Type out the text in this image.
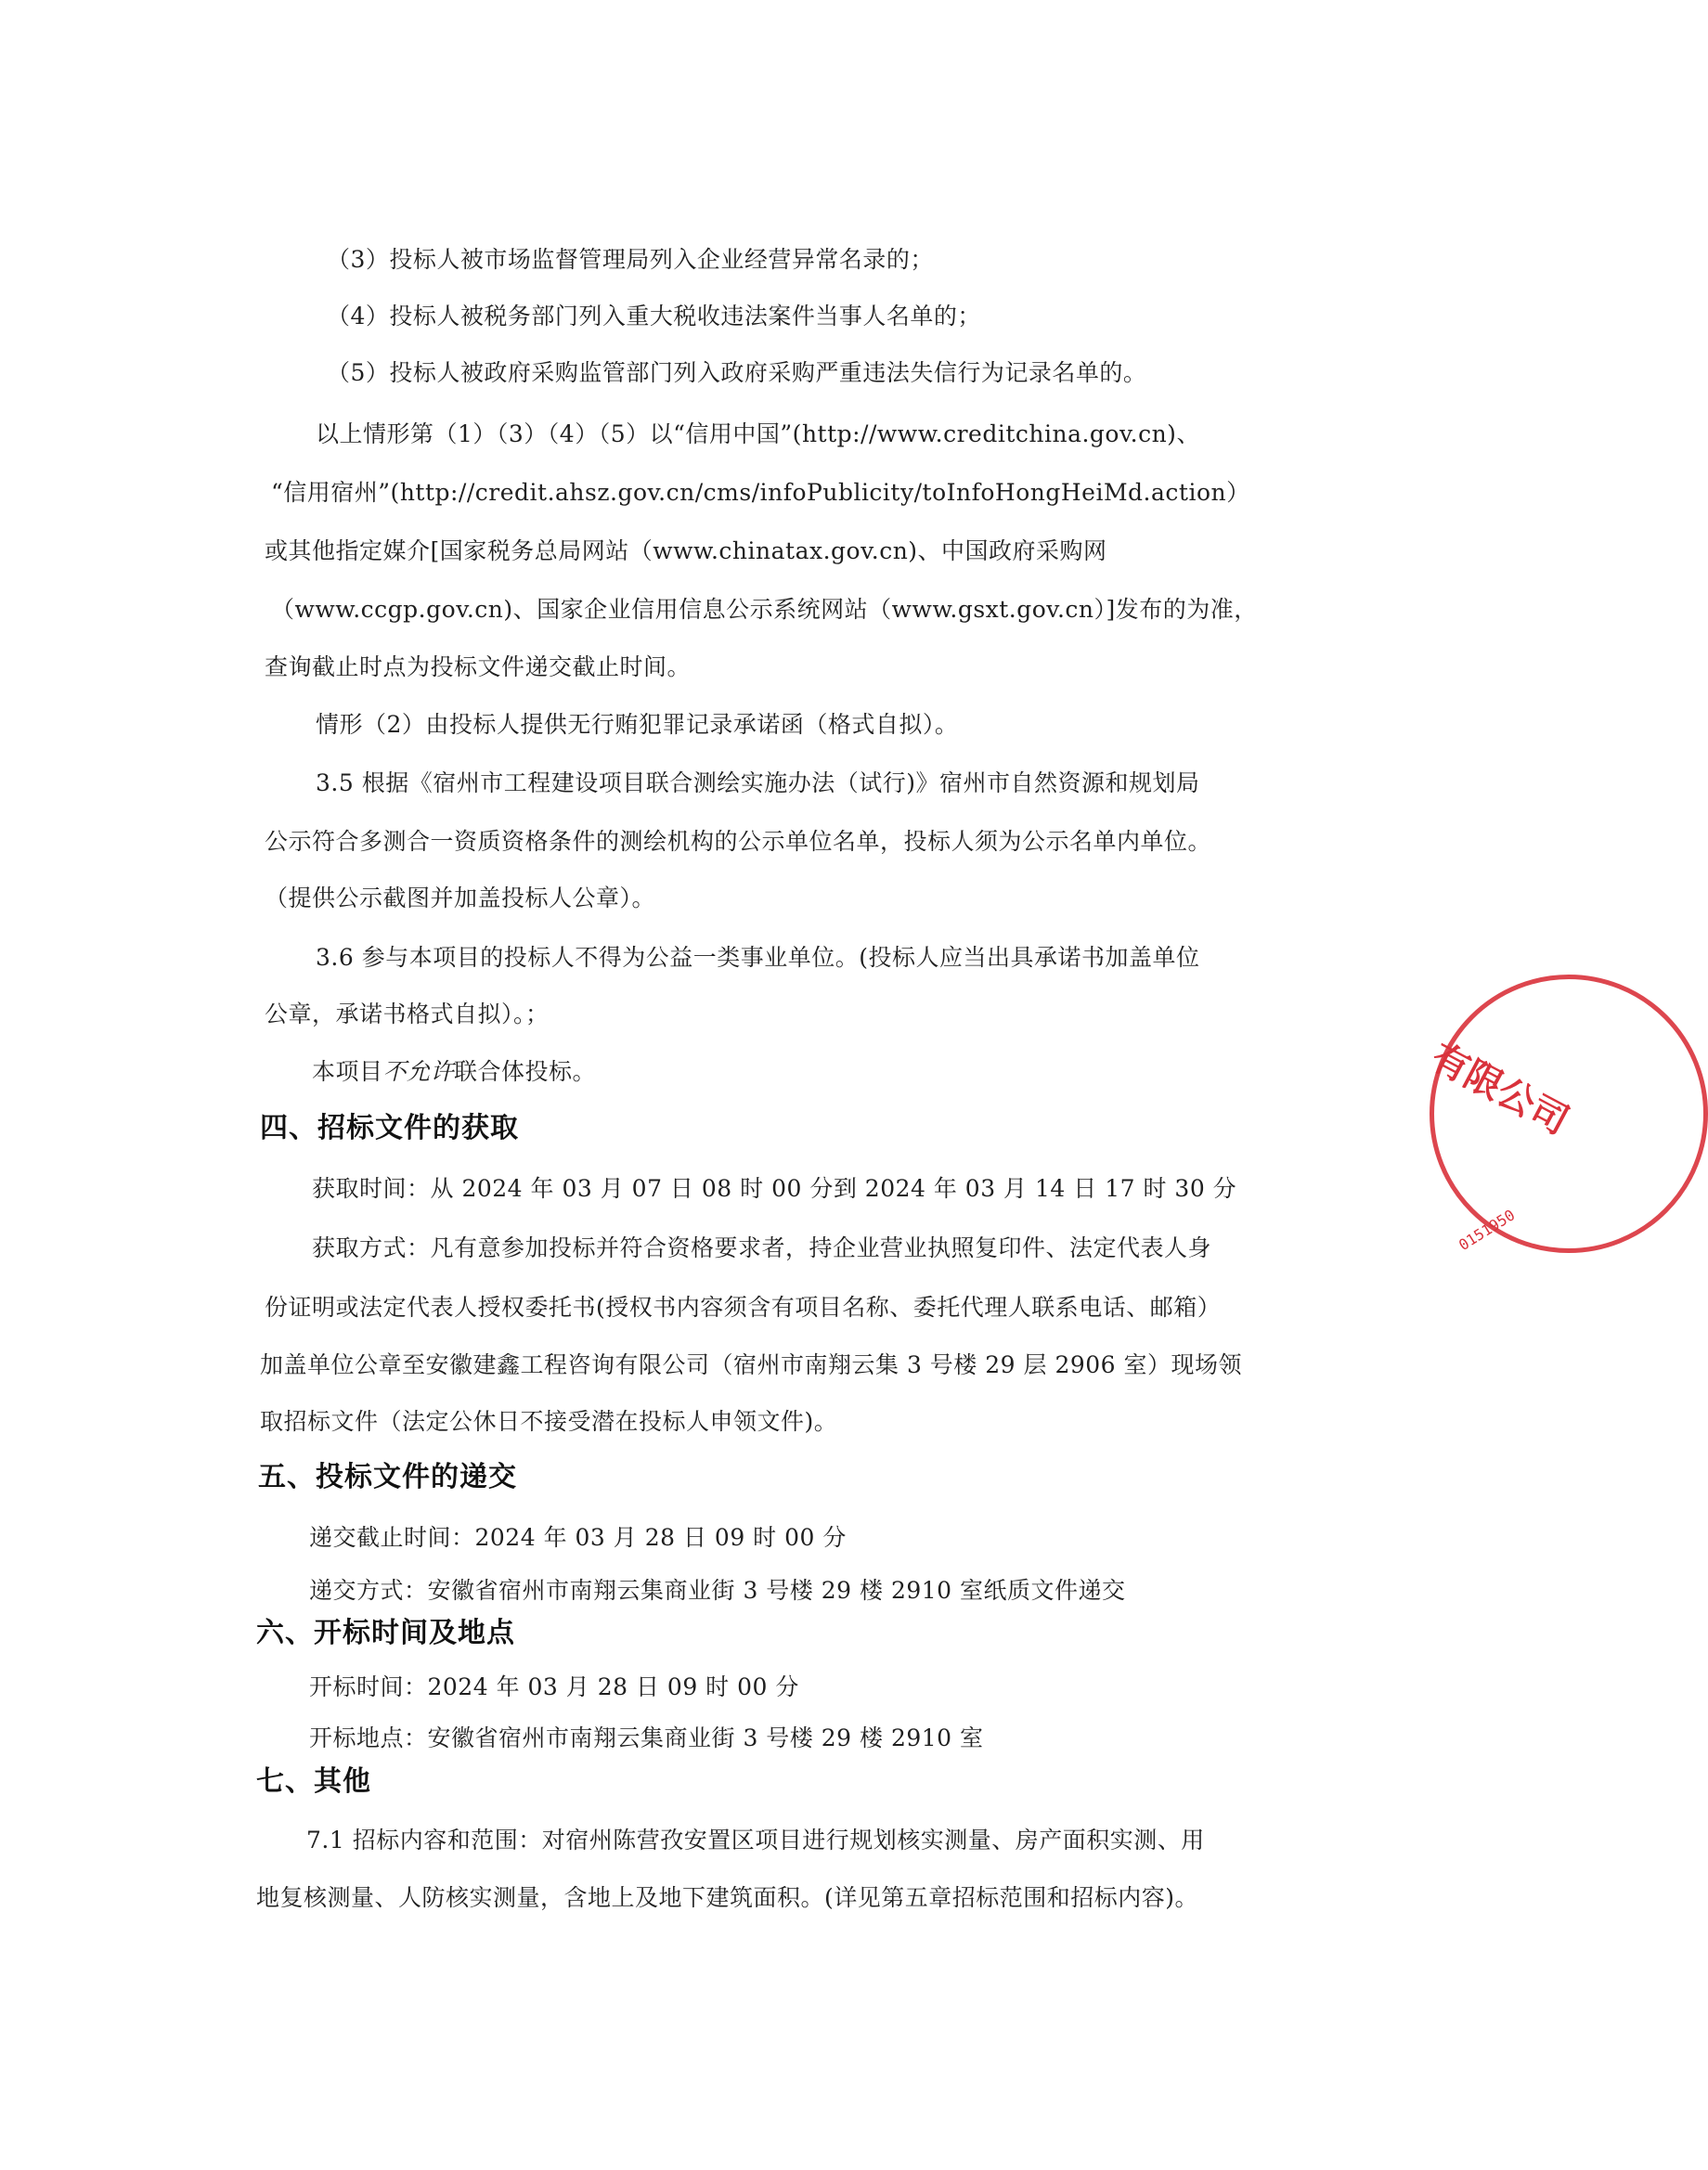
（3）投标人被市场监督管理局列入企业经营异常名录的；
（4）投标人被税务部门列入重大税收违法案件当事人名单的；
（5）投标人被政府采购监管部门列入政府采购严重违法失信行为记录名单的。
以上情形第（1）（3）（4）（5）以“信用中国”(http://www.creditchina.gov.cn)、
“信用宿州”(http://credit.ahsz.gov.cn/cms/infoPublicity/toInfoHongHeiMd.action）
或其他指定媒介[国家税务总局网站（www.chinatax.gov.cn)、中国政府采购网
（www.ccgp.gov.cn)、国家企业信用信息公示系统网站（www.gsxt.gov.cn）]发布的为准，
查询截止时点为投标文件递交截止时间。
情形（2）由投标人提供无行贿犯罪记录承诺函（格式自拟）。
3.5 根据《宿州市工程建设项目联合测绘实施办法（试行)》宿州市自然资源和规划局
公示符合多测合一资质资格条件的测绘机构的公示单位名单，投标人须为公示名单内单位。
（提供公示截图并加盖投标人公章）。
3.6 参与本项目的投标人不得为公益一类事业单位。(投标人应当出具承诺书加盖单位
公章，承诺书格式自拟）。；
本项目不允许联合体投标。
四、招标文件的获取
获取时间：从 2024 年 03 月 07 日 08 时 00 分到 2024 年 03 月 14 日 17 时 30 分
获取方式：凡有意参加投标并符合资格要求者，持企业营业执照复印件、法定代表人身
份证明或法定代表人授权委托书(授权书内容须含有项目名称、委托代理人联系电话、邮箱）
加盖单位公章至安徽建鑫工程咨询有限公司（宿州市南翔云集 3 号楼 29 层 2906 室）现场领
取招标文件（法定公休日不接受潜在投标人申领文件)。
五、投标文件的递交
递交截止时间：2024 年 03 月 28 日 09 时 00 分
递交方式：安徽省宿州市南翔云集商业街 3 号楼 29 楼 2910 室纸质文件递交
六、开标时间及地点
开标时间：2024 年 03 月 28 日 09 时 00 分
开标地点：安徽省宿州市南翔云集商业街 3 号楼 29 楼 2910 室
七、其他
7.1 招标内容和范围：对宿州陈营孜安置区项目进行规划核实测量、房产面积实测、用
地复核测量、人防核实测量，含地上及地下建筑面积。(详见第五章招标范围和招标内容)。
有限公司
0151950
